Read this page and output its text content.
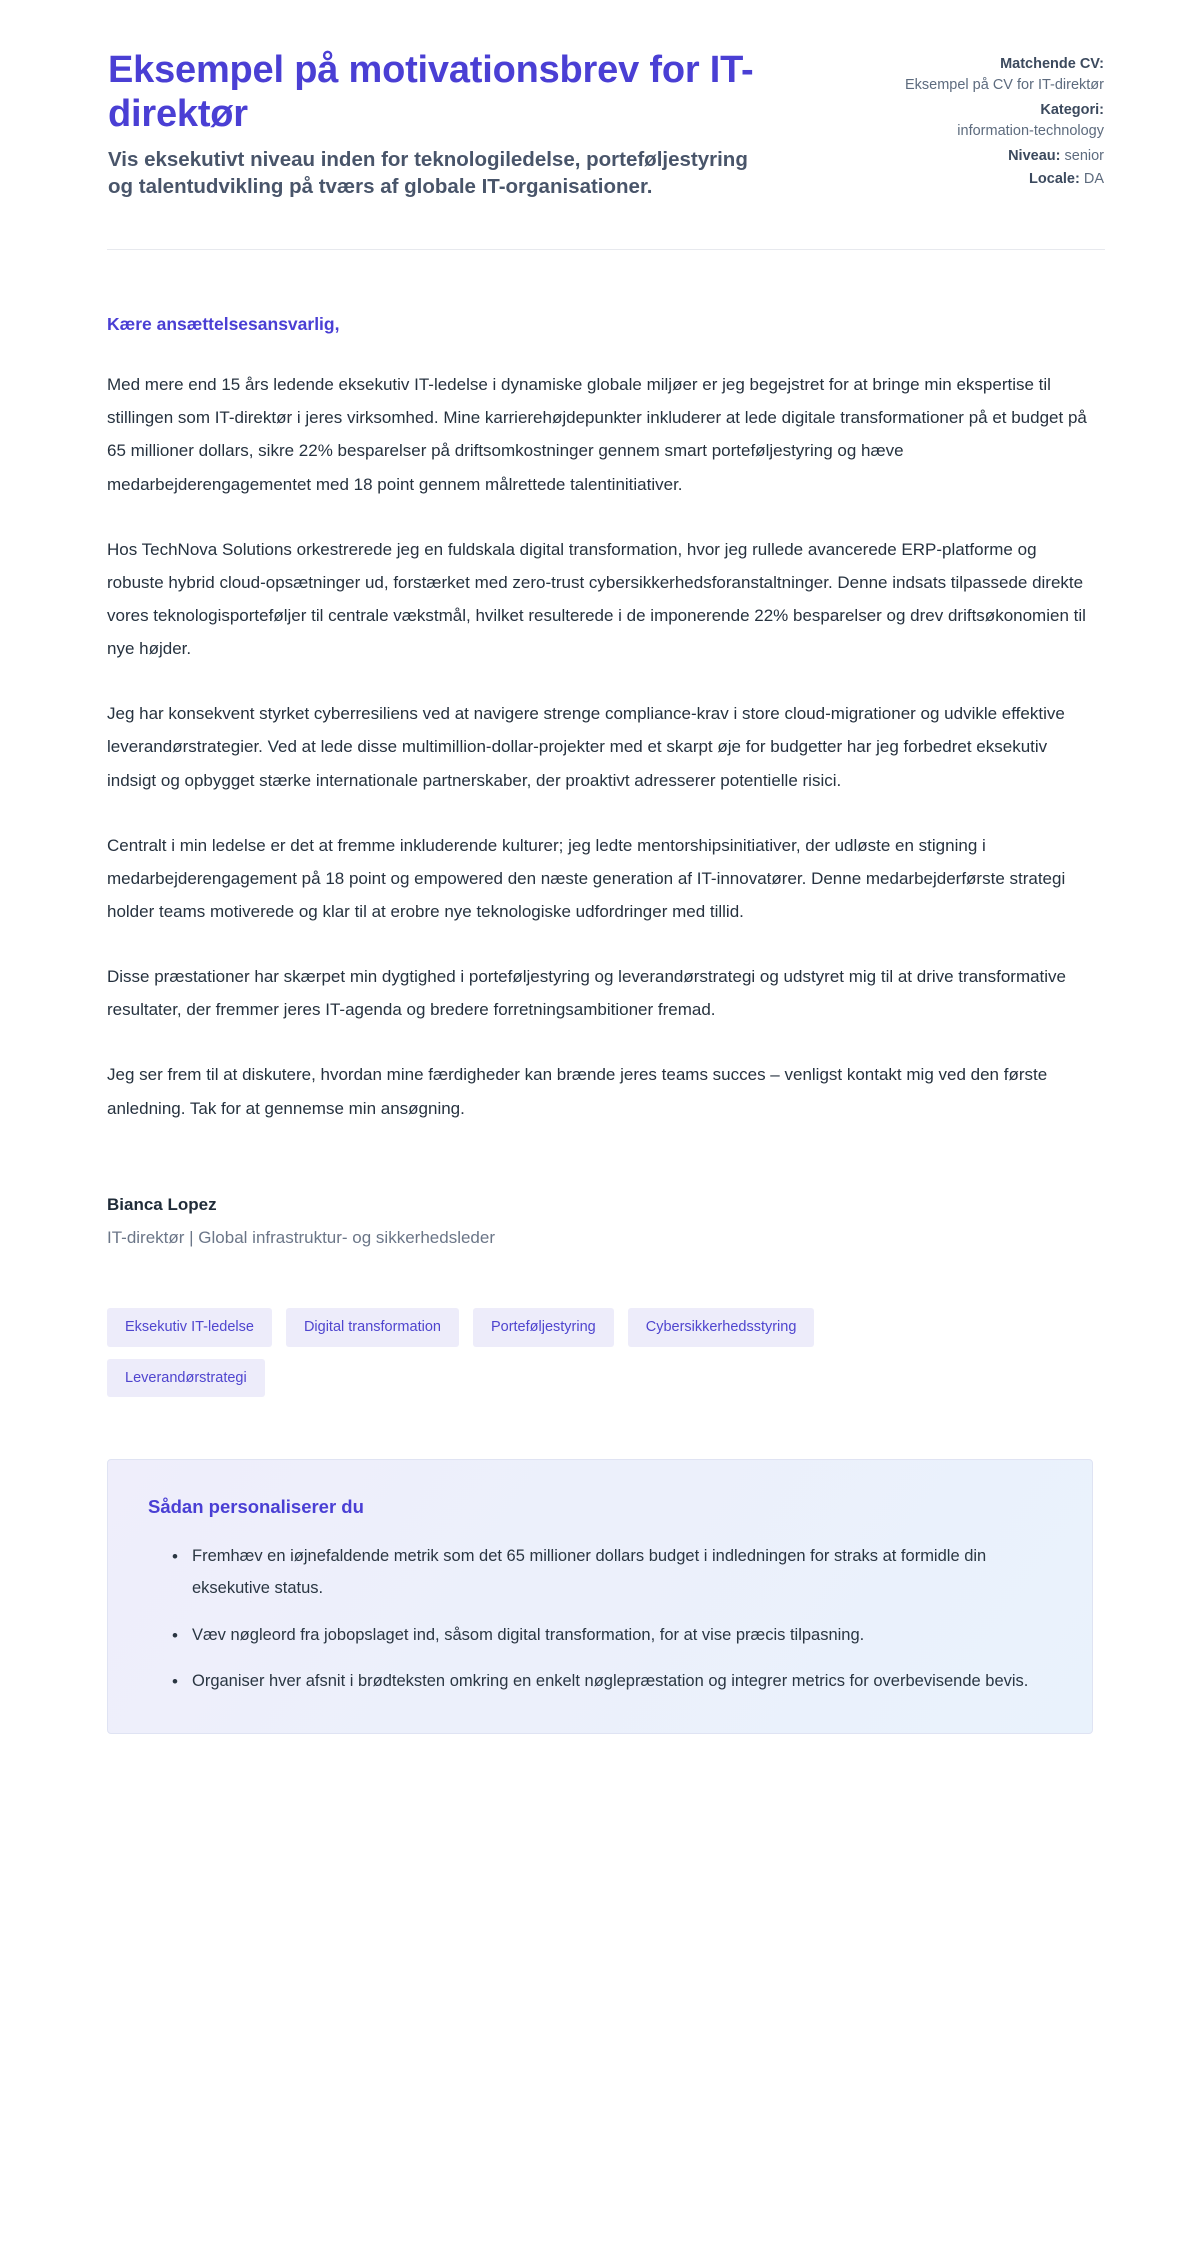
Eksempel på motivationsbrev for IT-direktør

Vis eksekutivt niveau inden for teknologiledelse, porteføljestyring og talentudvikling på tværs af globale IT-organisationer.

Matchende CV:
Eksempel på CV for IT-direktør
Kategori:
information-technology
Niveau: senior
Locale: DA

Kære ansættelsesansvarlig,

Med mere end 15 års ledende eksekutiv IT-ledelse i dynamiske globale miljøer er jeg begejstret for at bringe min ekspertise til stillingen som IT-direktør i jeres virksomhed. Mine karrierehøjdepunkter inkluderer at lede digitale transformationer på et budget på 65 millioner dollars, sikre 22% besparelser på driftsomkostninger gennem smart porteføljestyring og hæve medarbejderengagementet med 18 point gennem målrettede talentinitiativer.

Hos TechNova Solutions orkestrerede jeg en fuldskala digital transformation, hvor jeg rullede avancerede ERP-platforme og robuste hybrid cloud-opsætninger ud, forstærket med zero-trust cybersikkerhedsforanstaltninger. Denne indsats tilpassede direkte vores teknologisporteføljer til centrale vækstmål, hvilket resulterede i de imponerende 22% besparelser og drev driftsøkonomien til nye højder.

Jeg har konsekvent styrket cyberresiliens ved at navigere strenge compliance-krav i store cloud-migrationer og udvikle effektive leverandørstrategier. Ved at lede disse multimillion-dollar-projekter med et skarpt øje for budgetter har jeg forbedret eksekutiv indsigt og opbygget stærke internationale partnerskaber, der proaktivt adresserer potentielle risici.

Centralt i min ledelse er det at fremme inkluderende kulturer; jeg ledte mentorshipsinitiativer, der udløste en stigning i medarbejderengagement på 18 point og empowered den næste generation af IT-innovatører. Denne medarbejderførste strategi holder teams motiverede og klar til at erobre nye teknologiske udfordringer med tillid.

Disse præstationer har skærpet min dygtighed i porteføljestyring og leverandørstrategi og udstyret mig til at drive transformative resultater, der fremmer jeres IT-agenda og bredere forretningsambitioner fremad.

Jeg ser frem til at diskutere, hvordan mine færdigheder kan brænde jeres teams succes – venligst kontakt mig ved den første anledning. Tak for at gennemse min ansøgning.

Bianca Lopez

IT-direktør | Global infrastruktur- og sikkerhedsleder

Eksekutiv IT-ledelse	Digital transformation	Porteføljestyring	Cybersikkerhedsstyring
Leverandørstrategi
Sådan personaliserer du
• Fremhæv en iøjnefaldende metrik som det 65 millioner dollars budget i indledningen for straks at formidle din eksekutive status.
• Væv nøgleord fra jobopslaget ind, såsom digital transformation, for at vise præcis tilpasning.
• Organiser hver afsnit i brødteksten omkring en enkelt nøglepræstation og integrer metrics for overbevisende bevis.
